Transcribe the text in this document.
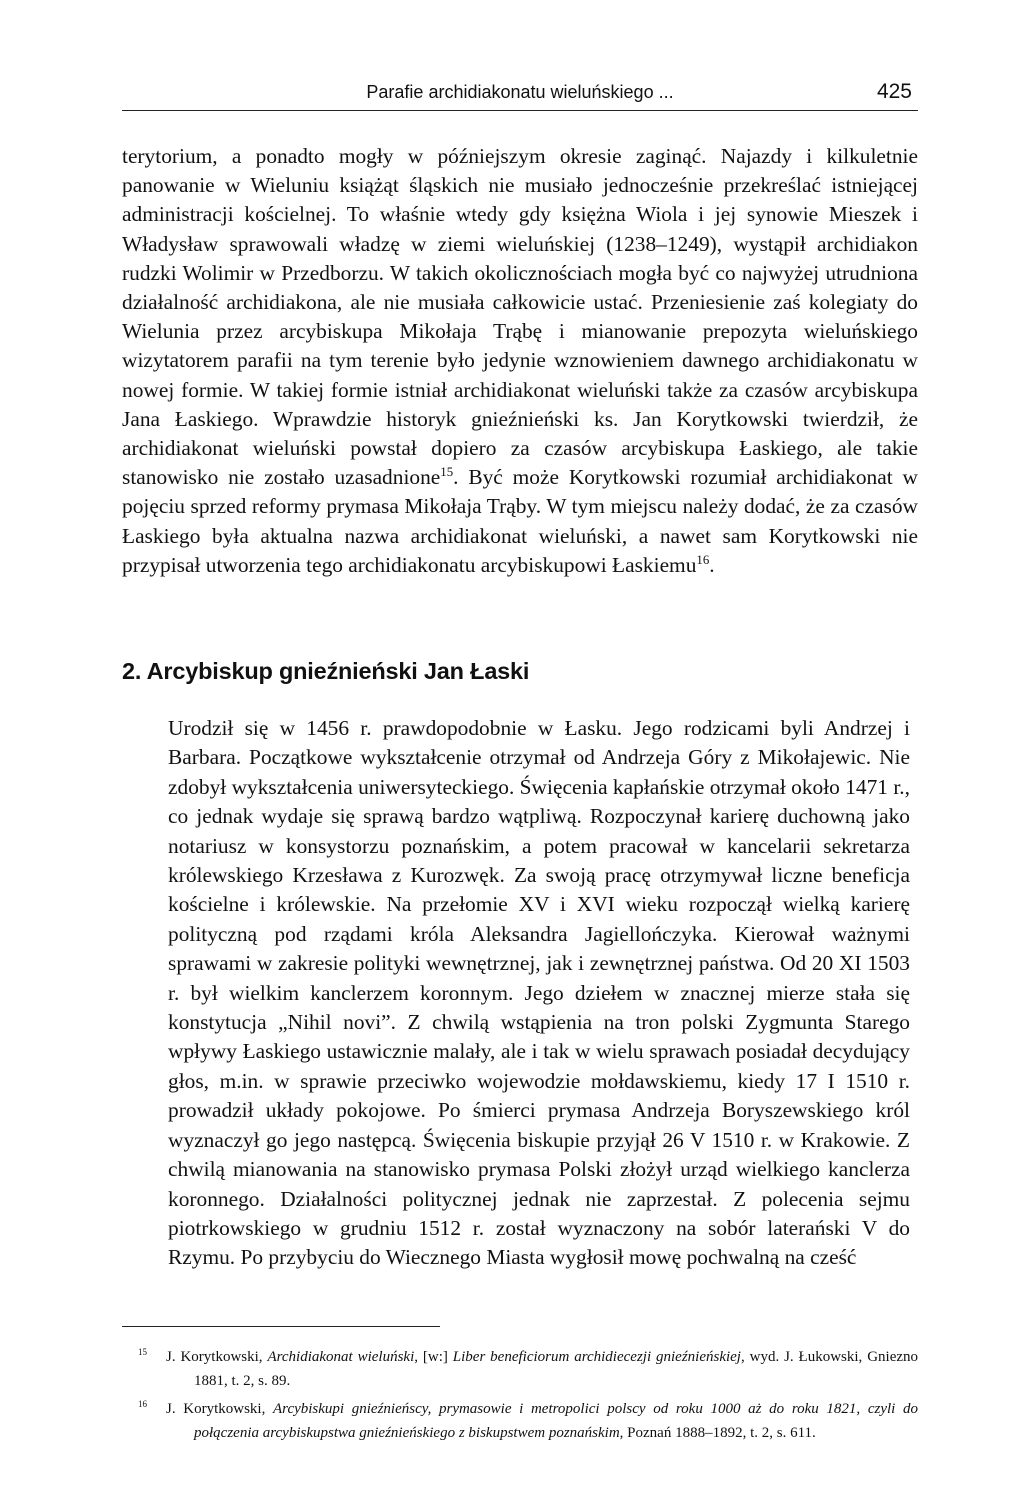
Parafie archidiakonatu wieluńskiego ...	425

terytorium, a ponadto mogły w późniejszym okresie zaginąć. Najazdy i kilkuletnie panowanie w Wieluniu książąt śląskich nie musiało jednocześnie przekreślać istniejącej administracji kościelnej. To właśnie wtedy gdy księżna Wiola i jej synowie Mieszek i Władysław sprawowali władzę w ziemi wieluńskiej (1238–1249), wystąpił archidiakon rudzki Wolimir w Przedborzu. W takich okolicznościach mogła być co najwyżej utrudniona działalność archidiakona, ale nie musiała całkowicie ustać. Przeniesienie zaś kolegiaty do Wielunia przez arcybiskupa Mikołaja Trąbę i mianowanie prepozyta wieluńskiego wizytatorem parafii na tym terenie było jedynie wznowieniem dawnego archidiakonatu w nowej formie. W takiej formie istniał archidiakonat wieluński także za czasów arcybiskupa Jana Łaskiego. Wprawdzie historyk gnieźnieński ks. Jan Korytkowski twierdził, że archidiakonat wieluński powstał dopiero za czasów arcybiskupa Łaskiego, ale takie stanowisko nie zostało uzasadnione$^{15}$. Być może Korytkowski rozumiał archidiakonat w pojęciu sprzed reformy prymasa Mikołaja Trąby. W tym miejscu należy dodać, że za czasów Łaskiego była aktualna nazwa archidiakonat wieluński, a nawet sam Korytkowski nie przypisał utworzenia tego archidiakonatu arcybiskupowi Łaskiemu$^{16}$.

2. Arcybiskup gnieźnieński Jan Łaski

Urodził się w 1456 r. prawdopodobnie w Łasku. Jego rodzicami byli Andrzej i Barbara. Początkowe wykształcenie otrzymał od Andrzeja Góry z Mikołajewic. Nie zdobył wykształcenia uniwersyteckiego. Święcenia kapłańskie otrzymał około 1471 r., co jednak wydaje się sprawą bardzo wątpliwą. Rozpoczynał karierę duchowną jako notariusz w konsystorzu poznańskim, a potem pracował w kancelarii sekretarza królewskiego Krzesława z Kurozwęk. Za swoją pracę otrzymywał liczne beneficja kościelne i królewskie. Na przełomie XV i XVI wieku rozpoczął wielką karierę polityczną pod rządami króla Aleksandra Jagiellończyka. Kierował ważnymi sprawami w zakresie polityki wewnętrznej, jak i zewnętrznej państwa. Od 20 XI 1503 r. był wielkim kanclerzem koronnym. Jego dziełem w znacznej mierze stała się konstytucja „Nihil novi”. Z chwilą wstąpienia na tron polski Zygmunta Starego wpływy Łaskiego ustawicznie malały, ale i tak w wielu sprawach posiadał decydujący głos, m.in. w sprawie przeciwko wojewodzie mołdawskiemu, kiedy 17 I 1510 r. prowadził układy pokojowe. Po śmierci prymasa Andrzeja Boryszewskiego król wyznaczył go jego następcą. Święcenia biskupie przyjął 26 V 1510 r. w Krakowie. Z chwilą mianowania na stanowisko prymasa Polski złożył urząd wielkiego kanclerza koronnego. Działalności politycznej jednak nie zaprzestał. Z polecenia sejmu piotrkowskiego w grudniu 1512 r. został wyznaczony na sobór laterański V do Rzymu. Po przybyciu do Wiecznego Miasta wygłosił mowę pochwalną na cześć

$^{15}$ J. Korytkowski, Archidiakonat wieluński, [w:] Liber beneficiorum archidiecezji gnieźnieńskiej, wyd. J. Łukowski, Gniezno 1881, t. 2, s. 89.

$^{16}$ J. Korytkowski, Arcybiskupi gnieźnieńscy, prymasowie i metropolici polscy od roku 1000 aż do roku 1821, czyli do połączenia arcybiskupstwa gnieźnieńskiego z biskupstwem poznańskim, Poznań 1888–1892, t. 2, s. 611.
